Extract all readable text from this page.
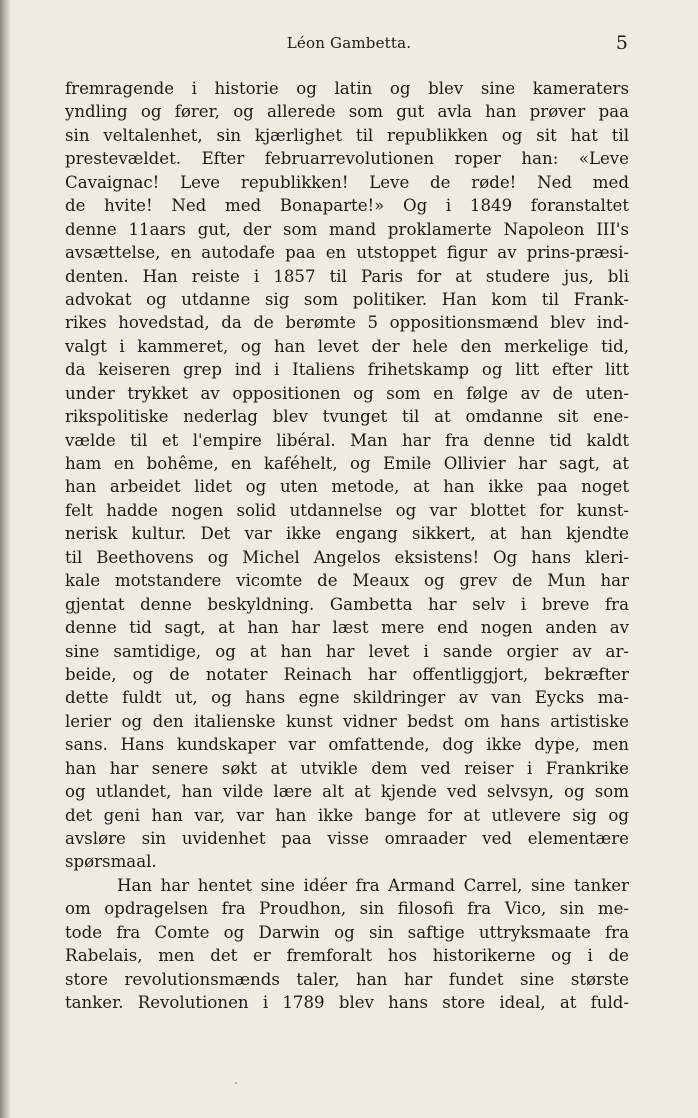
Léon Gambetta.	5
fremragende i historie og latin og blev sine kameraters
yndling og fører, og allerede som gut avla han prøver paa
sin veltalenhet, sin kjærlighet til republikken og sit hat til
prestevældet. Efter februarrevolutionen roper han: «Leve
Cavaignac! Leve republikken! Leve de røde! Ned med
de hvite! Ned med Bonaparte!» Og i 1849 foranstaltet
denne 11aars gut, der som mand proklamerte Napoleon III's
avsættelse, en autodafe paa en utstoppet figur av prins-præsi-
denten. Han reiste i 1857 til Paris for at studere jus, bli
advokat og utdanne sig som politiker. Han kom til Frank-
rikes hovedstad, da de berømte 5 oppositionsmænd blev ind-
valgt i kammeret, og han levet der hele den merkelige tid,
da keiseren grep ind i Italiens frihetskamp og litt efter litt
under trykket av oppositionen og som en følge av de uten-
rikspolitiske nederlag blev tvunget til at omdanne sit ene-
vælde til et l'empire libéral. Man har fra denne tid kaldt
ham en bohême, en kaféhelt, og Emile Ollivier har sagt, at
han arbeidet lidet og uten metode, at han ikke paa noget
felt hadde nogen solid utdannelse og var blottet for kunst-
nerisk kultur. Det var ikke engang sikkert, at han kjendte
til Beethovens og Michel Angelos eksistens! Og hans kleri-
kale motstandere vicomte de Meaux og grev de Mun har
gjentat denne beskyldning. Gambetta har selv i breve fra
denne tid sagt, at han har læst mere end nogen anden av
sine samtidige, og at han har levet i sande orgier av ar-
beide, og de notater Reinach har offentliggjort, bekræfter
dette fuldt ut, og hans egne skildringer av van Eycks ma-
lerier og den italienske kunst vidner bedst om hans artistiske
sans. Hans kundskaper var omfattende, dog ikke dype, men
han har senere søkt at utvikle dem ved reiser i Frankrike
og utlandet, han vilde lære alt at kjende ved selvsyn, og som
det geni han var, var han ikke bange for at utlevere sig og
avsløre sin uvidenhet paa visse omraader ved elementære
spørsmaal.
Han har hentet sine idéer fra Armand Carrel, sine tanker
om opdragelsen fra Proudhon, sin filosofi fra Vico, sin me-
tode fra Comte og Darwin og sin saftige uttryksmaate fra
Rabelais, men det er fremforalt hos historikerne og i de
store revolutionsmænds taler, han har fundet sine største
tanker. Revolutionen i 1789 blev hans store ideal, at fuld-
